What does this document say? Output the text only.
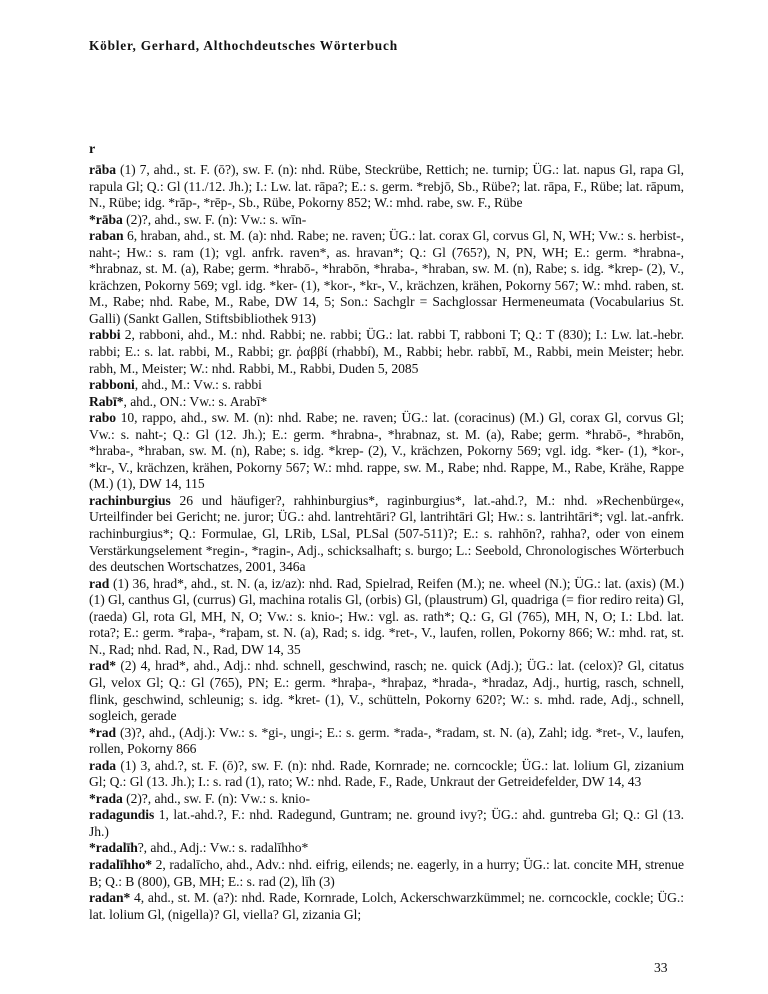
Köbler, Gerhard, Althochdeutsches Wörterbuch
r

rāba (1) 7, ahd., st. F. (ō?), sw. F. (n): nhd. Rübe, Steckrübe, Rettich; ne. turnip; ÜG.: lat. napus Gl, rapa Gl, rapula Gl; Q.: Gl (11./12. Jh.); I.: Lw. lat. rāpa?; E.: s. germ. *rebjō, Sb., Rübe?; lat. rāpa, F., Rübe; lat. rāpum, N., Rübe; idg. *rāp-, *rēp-, Sb., Rübe, Pokorny 852; W.: mhd. rabe, sw. F., Rübe

*rāba (2)?, ahd., sw. F. (n): Vw.: s. wīn-

raban 6, hraban, ahd., st. M. (a): nhd. Rabe; ne. raven; ÜG.: lat. corax Gl, corvus Gl, N, WH; Vw.: s. herbist-, naht-; Hw.: s. ram (1); vgl. anfrk. raven*, as. hravan*; Q.: Gl (765?), N, PN, WH; E.: germ. *hrabna-, *hrabnaz, st. M. (a), Rabe; germ. *hrabō-, *hrabōn, *hraba-, *hraban, sw. M. (n), Rabe; s. idg. *krep- (2), V., krächzen, Pokorny 569; vgl. idg. *ker- (1), *kor-, *kr-, V., krächzen, krähen, Pokorny 567; W.: mhd. raben, st. M., Rabe; nhd. Rabe, M., Rabe, DW 14, 5; Son.: Sachglr = Sachglossar Hermeneumata (Vocabularius St. Galli) (Sankt Gallen, Stiftsbibliothek 913)

rabbi 2, rabboni, ahd., M.: nhd. Rabbi; ne. rabbi; ÜG.: lat. rabbi T, rabboni T; Q.: T (830); I.: Lw. lat.-hebr. rabbi; E.: s. lat. rabbi, M., Rabbi; gr. ῥαββί (rhabbí), M., Rabbi; hebr. rabbī, M., Rabbi, mein Meister; hebr. rabh, M., Meister; W.: nhd. Rabbi, M., Rabbi, Duden 5, 2085

rabboni, ahd., M.: Vw.: s. rabbi

Rabī*, ahd., ON.: Vw.: s. Arabī*

rabo 10, rappo, ahd., sw. M. (n): nhd. Rabe; ne. raven; ÜG.: lat. (coracinus) (M.) Gl, corax Gl, corvus Gl; Vw.: s. naht-; Q.: Gl (12. Jh.); E.: germ. *hrabna-, *hrabnaz, st. M. (a), Rabe; germ. *hrabō-, *hrabōn, *hraba-, *hraban, sw. M. (n), Rabe; s. idg. *krep- (2), V., krächzen, Pokorny 569; vgl. idg. *ker- (1), *kor-, *kr-, V., krächzen, krähen, Pokorny 567; W.: mhd. rappe, sw. M., Rabe; nhd. Rappe, M., Rabe, Krähe, Rappe (M.) (1), DW 14, 115

rachinburgius 26 und häufiger?, rahhinburgius*, raginburgius*, lat.-ahd.?, M.: nhd. »Rechenbürge«, Urteilfinder bei Gericht; ne. juror; ÜG.: ahd. lantrehtāri? Gl, lantrihtāri Gl; Hw.: s. lantrihtāri*; vgl. lat.-anfrk. rachinburgius*; Q.: Formulae, Gl, LRib, LSal, PLSal (507-511)?; E.: s. rahhōn?, rahha?, oder von einem Verstärkungselement *regin-, *ragin-, Adj., schicksalhaft; s. burgo; L.: Seebold, Chronologisches Wörterbuch des deutschen Wortschatzes, 2001, 346a

rad (1) 36, hrad*, ahd., st. N. (a, iz/az): nhd. Rad, Spielrad, Reifen (M.); ne. wheel (N.); ÜG.: lat. (axis) (M.) (1) Gl, canthus Gl, (currus) Gl, machina rotalis Gl, (orbis) Gl, (plaustrum) Gl, quadriga (= fior rediro reita) Gl, (raeda) Gl, rota Gl, MH, N, O; Vw.: s. knio-; Hw.: vgl. as. rath*; Q.: G, Gl (765), MH, N, O; I.: Lbd. lat. rota?; E.: germ. *raþa-, *raþam, st. N. (a), Rad; s. idg. *ret-, V., laufen, rollen, Pokorny 866; W.: mhd. rat, st. N., Rad; nhd. Rad, N., Rad, DW 14, 35

rad* (2) 4, hrad*, ahd., Adj.: nhd. schnell, geschwind, rasch; ne. quick (Adj.); ÜG.: lat. (celox)? Gl, citatus Gl, velox Gl; Q.: Gl (765), PN; E.: germ. *hraþa-, *hraþaz, *hrada-, *hradaz, Adj., hurtig, rasch, schnell, flink, geschwind, schleunig; s. idg. *kret- (1), V., schütteln, Pokorny 620?; W.: s. mhd. rade, Adj., schnell, sogleich, gerade

*rad (3)?, ahd., (Adj.): Vw.: s. *gi-, ungi-; E.: s. germ. *rada-, *radam, st. N. (a), Zahl; idg. *ret-, V., laufen, rollen, Pokorny 866

rada (1) 3, ahd.?, st. F. (ō)?, sw. F. (n): nhd. Rade, Kornrade; ne. corncockle; ÜG.: lat. lolium Gl, zizanium Gl; Q.: Gl (13. Jh.); I.: s. rad (1), rato; W.: nhd. Rade, F., Rade, Unkraut der Getreidefelder, DW 14, 43

*rada (2)?, ahd., sw. F. (n): Vw.: s. knio-

radagundis 1, lat.-ahd.?, F.: nhd. Radegund, Guntram; ne. ground ivy?; ÜG.: ahd. guntreba Gl; Q.: Gl (13. Jh.)

*radalīh?, ahd., Adj.: Vw.: s. radalīhho*

radalīhho* 2, radalīcho, ahd., Adv.: nhd. eifrig, eilends; ne. eagerly, in a hurry; ÜG.: lat. concite MH, strenue B; Q.: B (800), GB, MH; E.: s. rad (2), līh (3)

radan* 4, ahd., st. M. (a?): nhd. Rade, Kornrade, Lolch, Ackerschwarzkümmel; ne. corncockle, cockle; ÜG.: lat. lolium Gl, (nigella)? Gl, viella? Gl, zizania Gl;

33
